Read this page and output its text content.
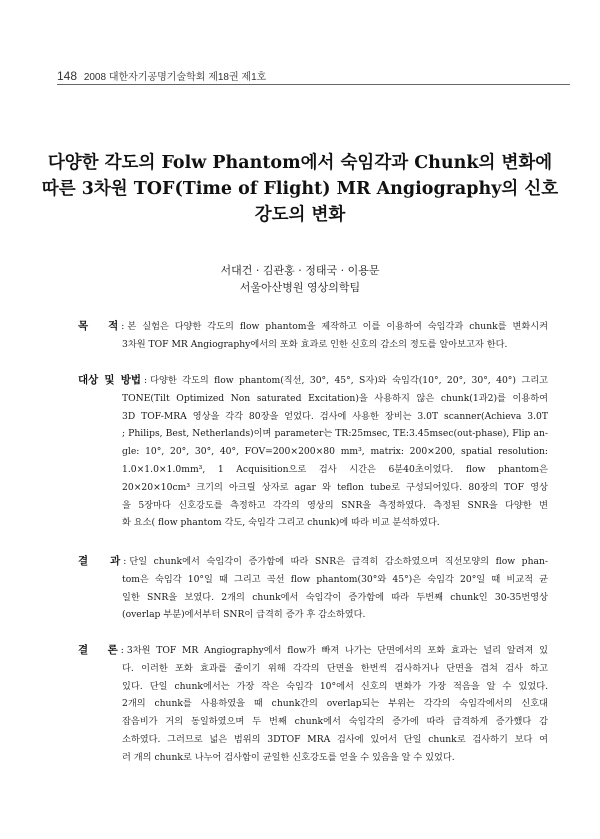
148 2008 대한자기공명기술학회 제18권 제1호
다양한 각도의 Folw Phantom에서 숙임각과 Chunk의 변화에
따른 3차원 TOF(Time of Flight) MR Angiography의 신호
강도의 변화
서대건 · 김관홍 · 정태국 · 이용문
서울아산병원 영상의학팀
목   적 : 본 실험은 다양한 각도의 flow phantom을 제작하고 이를 이용하여 숙임각과 chunk를 변화시켜
3차원 TOF MR Angiography에서의 포화 효과로 인한 신호의 감소의 정도를 알아보고자 한다.
대상 및 방법 : 다양한 각도의 flow phantom(직선, 30°, 45°, S자)와 숙임각(10°, 20°, 30°, 40°) 그리고
TONE(Tilt Optimized Non saturated Excitation)을 사용하지 않은 chunk(1과2)를 이용하여
3D TOF-MRA 영상을 각각 80장을 얻었다. 검사에 사용한 장비는 3.0T scanner(Achieva 3.0T
; Philips, Best, Netherlands)이며 parameter는 TR:25msec, TE:3.45msec(out-phase), Flip an-
gle: 10°, 20°, 30°, 40°, FOV=200×200×80 mm³, matrix: 200×200, spatial resolution:
1.0×1.0×1.0mm³, 1 Acquisition으로 검사 시간은 6분40초이었다. flow phantom은
20×20×10cm³ 크기의 아크릴 상자로 agar 와 teflon tube로 구성되어있다. 80장의 TOF 영상
을 5장마다 신호강도를 측정하고 각각의 영상의 SNR을 측정하였다. 측정된 SNR을 다양한 변
화 요소( flow phantom 각도, 숙임각 그리고 chunk)에 따라 비교 분석하였다.
결   과 : 단일 chunk에서 숙임각이 증가함에 따라 SNR은 급격히 감소하였으며 직선모양의 flow phan-
tom은 숙임각 10°일 때 그리고 곡선 flow phantom(30°와 45°)은 숙임각 20°일 때 비교적 균
일한 SNR을 보였다. 2개의 chunk에서 숙임각이 증가함에 따라 두번째 chunk인 30-35번영상
(overlap 부분)에서부터 SNR이 급격히 증가 후 감소하였다.
결   론 : 3차원 TOF MR Angiography에서 flow가 빠져 나가는 단면에서의 포화 효과는 널리 알려져 있
다. 이러한 포화 효과를 줄이기 위해 각각의 단면을 한번씩 검사하거나 단면을 겹쳐 검사 하고
있다. 단일 chunk에서는 가장 작은 숙임각 10°에서 신호의 변화가 가장 적음을 알 수 있었다.
2개의 chunk를 사용하였을 때 chunk간의 overlap되는 부위는 각각의 숙임각에서의 신호대
잡음비가 거의 동일하였으며 두 번째 chunk에서 숙임각의 증가에 따라 급격하게 증가했다 감
소하였다. 그러므로 넓은 범위의 3DTOF MRA 검사에 있어서 단일 chunk로 검사하기 보다 여
러 개의 chunk로 나누어 검사함이 균일한 신호강도를 얻을 수 있음을 알 수 있었다.
